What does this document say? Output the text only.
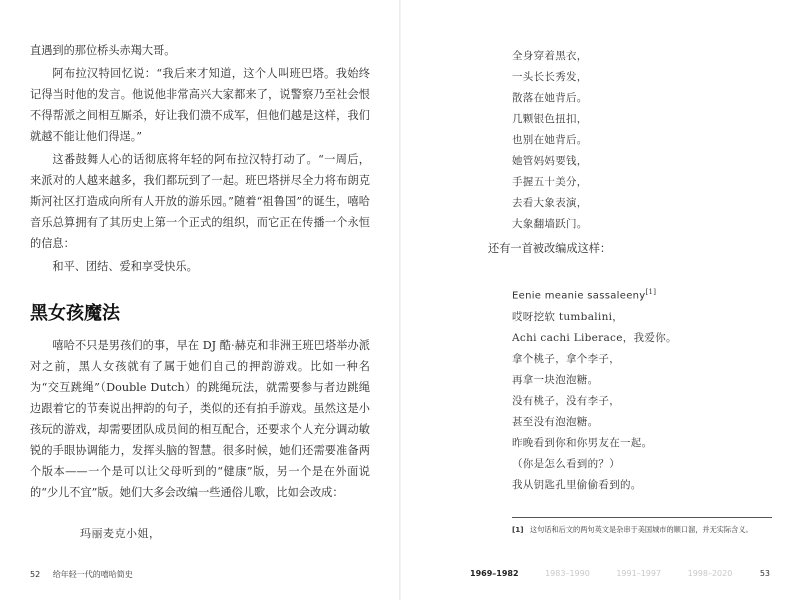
直遇到的那位桥头赤羯大哥。

阿布拉汉特回忆说：“我后来才知道，这个人叫班巴塔。我始终记得当时他的发言。他说他非常高兴大家都来了，说警察乃至社会恨不得帮派之间相互厮杀，好让我们溃不成军，但他们越是这样，我们就越不能让他们得逞。”

这番鼓舞人心的话彻底将年轻的阿布拉汉特打动了。“一周后，来派对的人越来越多，我们都玩到了一起。班巴塔拼尽全力将布朗克斯河社区打造成向所有人开放的游乐园。”随着“祖鲁国”的诞生，嘻哈音乐总算拥有了其历史上第一个正式的组织，而它正在传播一个永恒的信息：

和平、团结、爱和享受快乐。

黑女孩魔法

嘻哈不只是男孩们的事，早在 DJ 酷·赫克和非洲王班巴塔举办派对之前，黑人女孩就有了属于她们自己的押韵游戏。比如一种名为“交互跳绳”（Double Dutch）的跳绳玩法，就需要参与者边跳绳边跟着它的节奏说出押韵的句子，类似的还有拍手游戏。虽然这是小孩玩的游戏，却需要团队成员间的相互配合，还要求个人充分调动敏锐的手眼协调能力，发挥头脑的智慧。很多时候，她们还需要准备两个版本——一个是可以让父母听到的“健康”版，另一个是在外面说的“少儿不宜”版。她们大多会改编一些通俗儿歌，比如会改成：

玛丽麦克小姐，
52 给年轻一代的嘻哈简史
全身穿着黑衣，
一头长长秀发，
散落在她背后。
几颗银色扭扣，
也别在她背后。
她管妈妈要钱，
手握五十美分，
去看大象表演，
大象翻墙跃门。
还有一首被改编成这样：
Eenie meanie sassaleeny[1]
哎呀挖软 tumbalini，
Achi cachi Liberace，我爱你。
拿个桃子，拿个李子，
再拿一块泡泡糖。
没有桃子，没有李子，
甚至没有泡泡糖。
昨晚看到你和你男友在一起。
（你是怎么看到的？）
我从钥匙孔里偷偷看到的。
[1] 这句话和后文的两句英文是杂串于美国城市的顺口溜，并无实际含义。
1969–1982	1983–1990	1991–1997	1998–2020	53
